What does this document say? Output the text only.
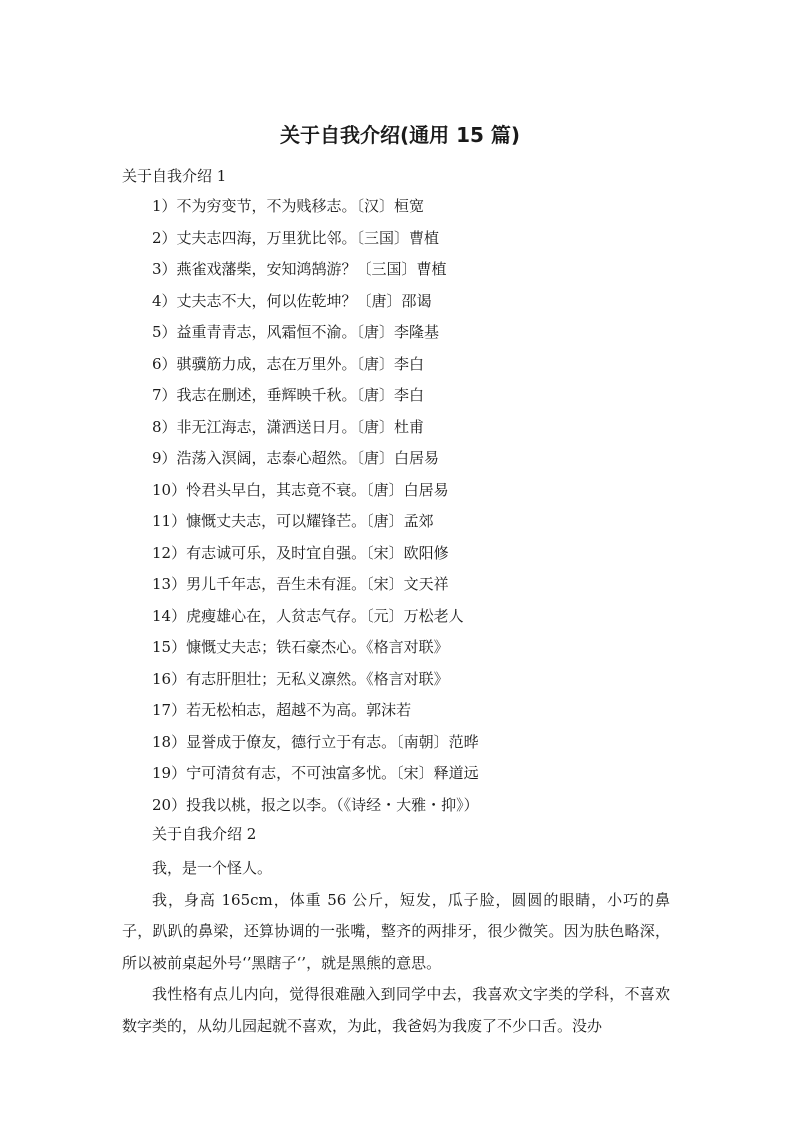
关于自我介绍(通用 15 篇)

关于自我介绍 1

1）不为穷变节，不为贱移志。〔汉〕桓宽
2）丈夫志四海，万里犹比邻。〔三国〕曹植
3）燕雀戏藩柴，安知鸿鹄游？〔三国〕曹植
4）丈夫志不大，何以佐乾坤？〔唐〕邵谒
5）益重青青志，风霜恒不渝。〔唐〕李隆基
6）骐骥筋力成，志在万里外。〔唐〕李白
7）我志在删述，垂辉映千秋。〔唐〕李白
8）非无江海志，潇洒送日月。〔唐〕杜甫
9）浩荡入溟阔，志泰心超然。〔唐〕白居易
10）怜君头早白，其志竟不衰。〔唐〕白居易
11）慷慨丈夫志，可以耀锋芒。〔唐〕孟郊
12）有志诚可乐，及时宜自强。〔宋〕欧阳修
13）男儿千年志，吾生未有涯。〔宋〕文天祥
14）虎瘦雄心在，人贫志气存。〔元〕万松老人
15）慷慨丈夫志；铁石豪杰心。《格言对联》
16）有志肝胆壮；无私义凛然。《格言对联》
17）若无松柏志，超越不为高。郭沫若
18）显誉成于僚友，德行立于有志。〔南朝〕范晔
19）宁可清贫有志，不可浊富多忧。〔宋〕释道远
20）投我以桃，报之以李。（《诗经・大雅・抑》）

关于自我介绍 2

我，是一个怪人。

我，身高 165cm，体重 56 公斤，短发，瓜子脸，圆圆的眼睛，小巧的鼻子，趴趴的鼻梁，还算协调的一张嘴，整齐的两排牙，很少微笑。因为肤色略深，所以被前桌起外号‘’黑瞎子‘’，就是黑熊的意思。

我性格有点儿内向，觉得很难融入到同学中去，我喜欢文字类的学科，不喜欢数字类的，从幼儿园起就不喜欢，为此，我爸妈为我废了不少口舌。没办
